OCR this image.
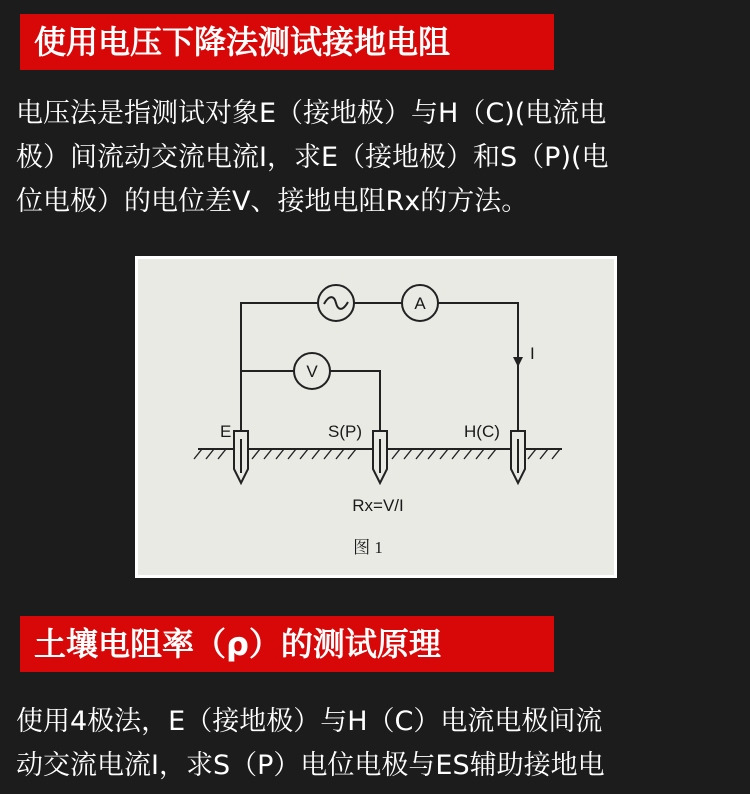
使用电压下降法测试接地电阻
电压法是指测试对象E（接地极）与H（C)(电流电
极）间流动交流电流I，求E（接地极）和S（P)(电
位电极）的电位差V、接地电阻Rx的方法。
A
V
I
E	S(P)	H(C)
Rx=V/I
图 1
土壤电阻率（ρ）的测试原理
使用4极法，E（接地极）与H（C）电流电极间流
动交流电流I，求S（P）电位电极与ES辅助接地电
